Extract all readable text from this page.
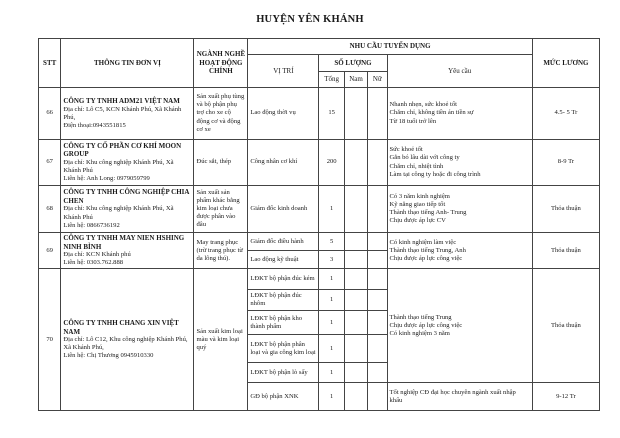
HUYỆN YÊN KHÁNH
STT	THÔNG TIN ĐƠN VỊ	NGÀNH NGHỀ HOẠT ĐỘNG CHÍNH	NHU CẦU TUYỂN DỤNG					MỨC LƯƠNG
			VỊ TRÍ	SỐ LƯỢNG			Yêu cầu	
				Tổng	Nam	Nữ		
66	CÔNG TY TNHH ADM21 VIỆT NAM
Địa chỉ: Lô C5, KCN Khánh Phú, Xã Khánh Phú,
Điện thoại:0943551815	Sản xuất phụ tùng và bộ phận phụ trợ cho xe cộ động cơ và động cơ xe	Lao động thời vụ	15			Nhanh nhẹn, sức khoẻ tốt
Chăm chỉ, không tiền án tiền sự
Từ 18 tuổi trở lên	4.5- 5 Tr
67	CÔNG TY CỔ PHẦN CƠ KHÍ MOON GROUP
Địa chỉ: Khu công nghiệp Khánh Phú, Xã Khánh Phú
Liên hệ: Anh Long: 0979059799	Đúc sắt, thép	Công nhân cơ khí	200			Sức khoẻ tốt
Gắn bó lâu dài với công ty
Chăm chỉ, nhiệt tình
Làm tại công ty hoặc đi công trình	8-9 Tr
68	CÔNG TY TNHH CÔNG NGHIỆP CHIA CHEN
Địa chỉ: Khu công nghiệp Khánh Phú, Xã Khánh Phú
Liên hệ: 0866736192	Sản xuất sản phẩm khác bằng kim loại chưa được phân vào đâu	Giám đốc kinh doanh	1			Có 3 năm kinh nghiệm
Kỹ năng giao tiếp tốt
Thành thạo tiếng Anh- Trung
Chịu được áp lực CV	Thỏa thuận
69	CÔNG TY TNHH MAY NIEN HSHING NINH BÌNH
Địa chỉ: KCN Khánh phú
Liên hệ: 0303.762.888	May trang phục (trừ trang phục từ da lông thú).	Giám đốc điều hành	5			Có kinh nghiệm làm việc
Thành thạo tiếng Trung, Anh
Chịu được áp lực công việc	Thỏa thuận
			Lao động kỹ thuật	3				
70	CÔNG TY TNHH CHANG XIN VIỆT NAM
Địa chỉ: Lô C12, Khu công nghiệp Khánh Phú, Xã Khánh Phú,
Liên hệ: Chị Thương 0945910330	Sản xuất kim loại màu và kim loại quý	LĐKT bộ phận đúc kém	1			Thành thạo tiếng Trung
Chịu được áp lực công việc
Có kinh nghiệm 3 năm	Thỏa thuận
			LĐKT bộ phận đúc nhôm	1				
			LĐKT bộ phận kho thành phẩm	1				
			LĐKT bộ phận phân loại và gia công kim loại	1				
			LĐKT bộ phận lò sấy	1				
			GĐ bộ phận XNK	1			Tốt nghiệp CĐ đại học chuyên ngành xuất nhập khẩu	9-12 Tr
